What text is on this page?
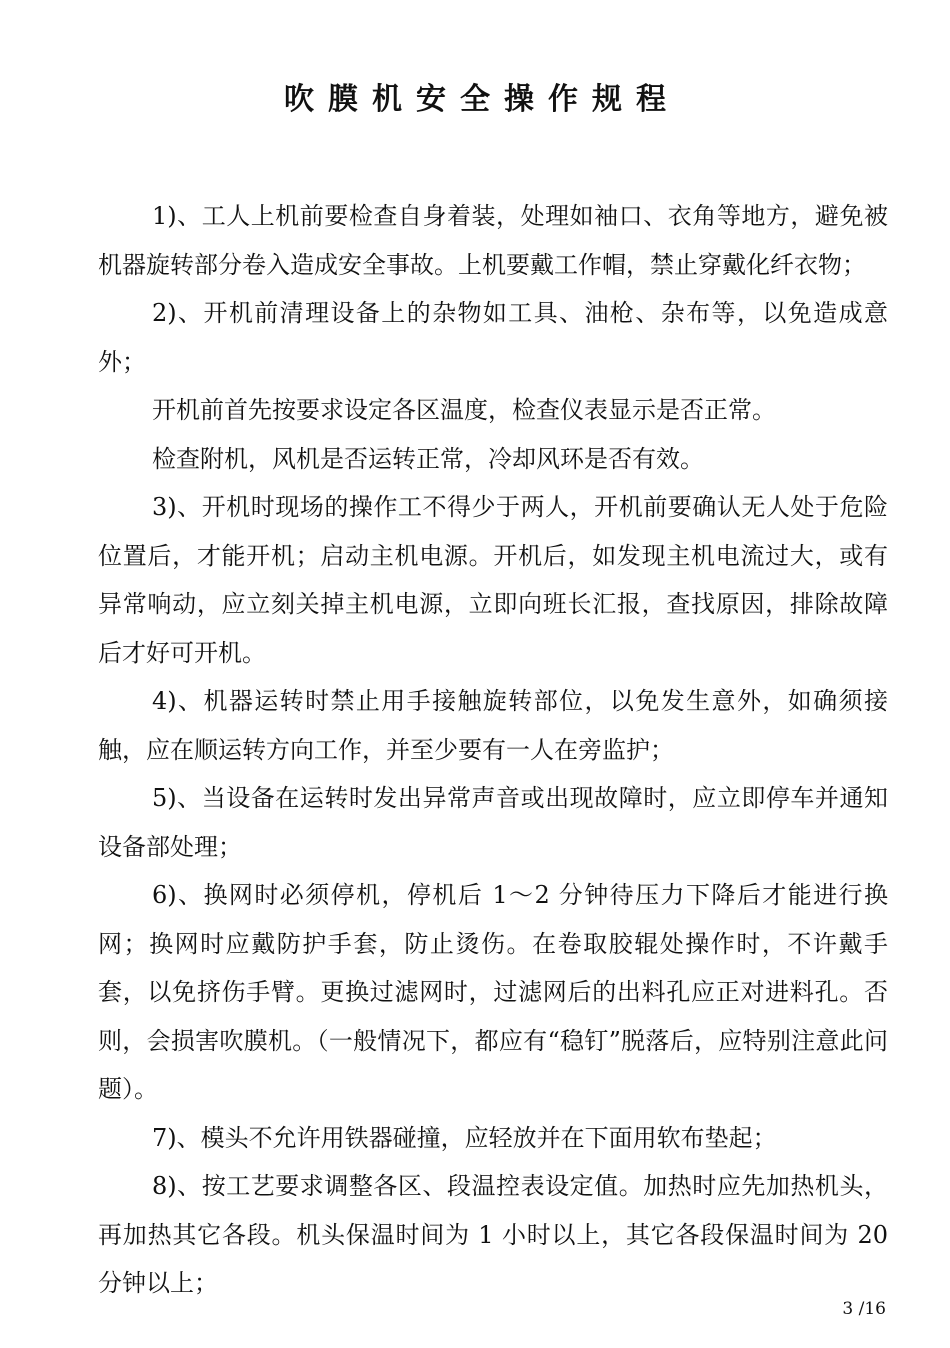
吹膜机安全操作规程

1)、工人上机前要检查自身着装，处理如袖口、衣角等地方，避免被机器旋转部分卷入造成安全事故。上机要戴工作帽，禁止穿戴化纤衣物；

2)、开机前清理设备上的杂物如工具、油枪、杂布等，以免造成意外；

开机前首先按要求设定各区温度，检查仪表显示是否正常。

检查附机，风机是否运转正常，冷却风环是否有效。

3)、开机时现场的操作工不得少于两人，开机前要确认无人处于危险位置后，才能开机；启动主机电源。开机后，如发现主机电流过大，或有异常响动，应立刻关掉主机电源，立即向班长汇报，查找原因，排除故障后才好可开机。

4)、机器运转时禁止用手接触旋转部位，以免发生意外，如确须接触，应在顺运转方向工作，并至少要有一人在旁监护；

5)、当设备在运转时发出异常声音或出现故障时，应立即停车并通知设备部处理；

6)、换网时必须停机，停机后 1～2 分钟待压力下降后才能进行换网；换网时应戴防护手套，防止烫伤。在卷取胶辊处操作时，不许戴手套，以免挤伤手臂。更换过滤网时，过滤网后的出料孔应正对进料孔。否则，会损害吹膜机。（一般情况下，都应有“稳钉”脱落后，应特别注意此问题）。

7)、模头不允许用铁器碰撞，应轻放并在下面用软布垫起；

8)、按工艺要求调整各区、段温控表设定值。加热时应先加热机头，再加热其它各段。机头保温时间为 1 小时以上，其它各段保温时间为 20 分钟以上；

3 /16
